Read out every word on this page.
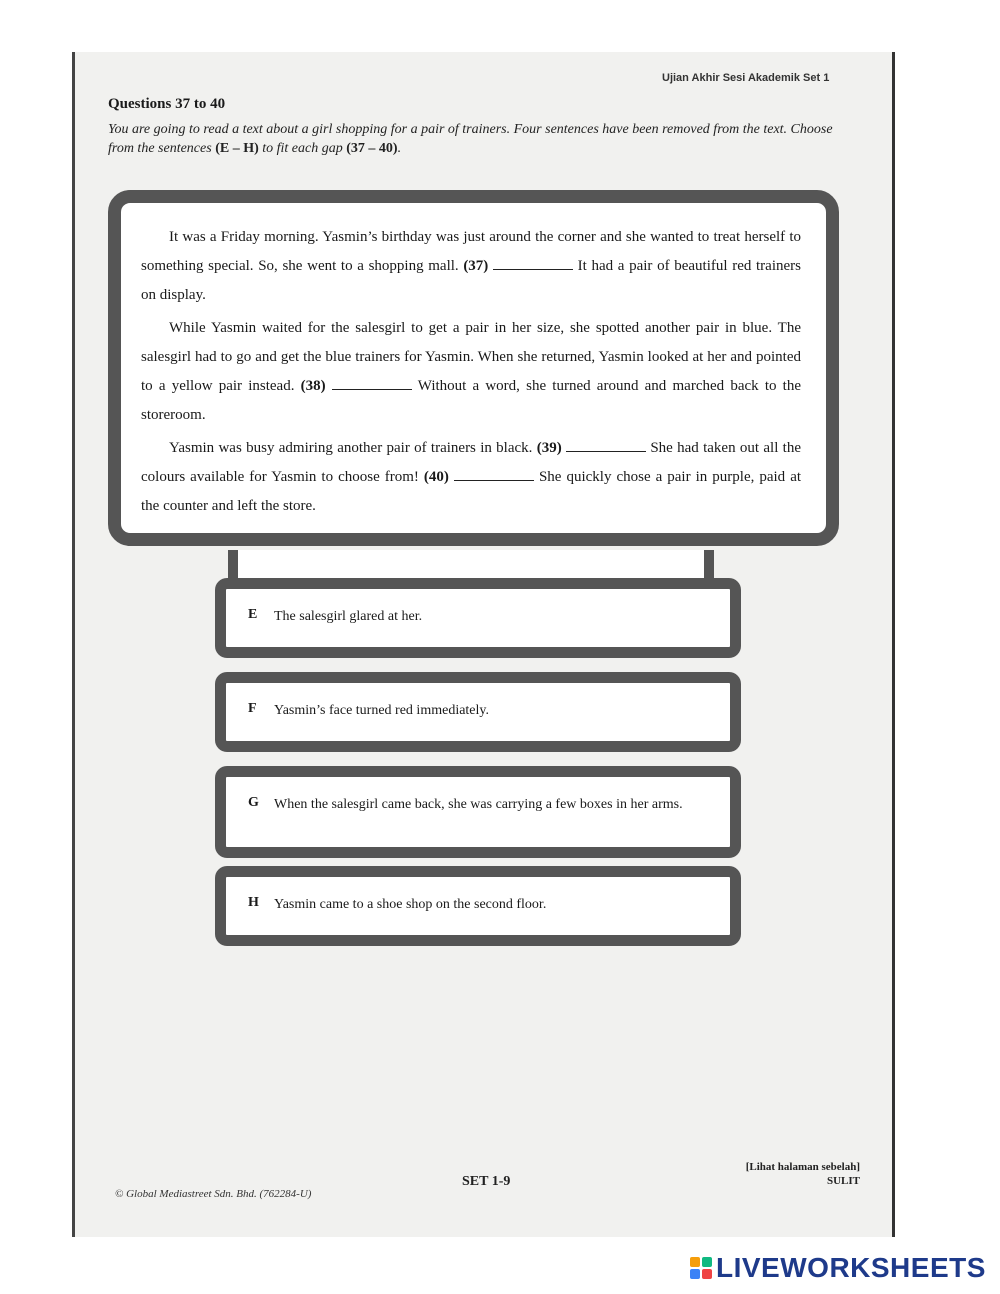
Ujian Akhir Sesi Akademik Set 1
Questions 37 to 40
You are going to read a text about a girl shopping for a pair of trainers. Four sentences have been removed from the text. Choose from the sentences (E – H) to fit each gap (37 – 40).

It was a Friday morning. Yasmin’s birthday was just around the corner and she wanted to treat herself to something special. So, she went to a shopping mall. (37)	It had a pair of beautiful red trainers on display.

While Yasmin waited for the salesgirl to get a pair in her size, she spotted another pair in blue. The salesgirl had to go and get the blue trainers for Yasmin. When she returned, Yasmin looked at her and pointed to a yellow pair instead. (38)	Without a word, she turned around and marched back to the storeroom.

Yasmin was busy admiring another pair of trainers in black. (39)	She had taken out all the colours available for Yasmin to choose from! (40)	She quickly chose a pair in purple, paid at the counter and left the store.

E The salesgirl glared at her.
F Yasmin’s face turned red immediately.
G When the salesgirl came back, she was carrying a few boxes in her arms.
H Yasmin came to a shoe shop on the second floor.
© Global Mediastreet Sdn. Bhd. (762284-U)
SET 1-9
[Lihat halaman sebelah]
SULIT
LIVEWORKSHEETS
